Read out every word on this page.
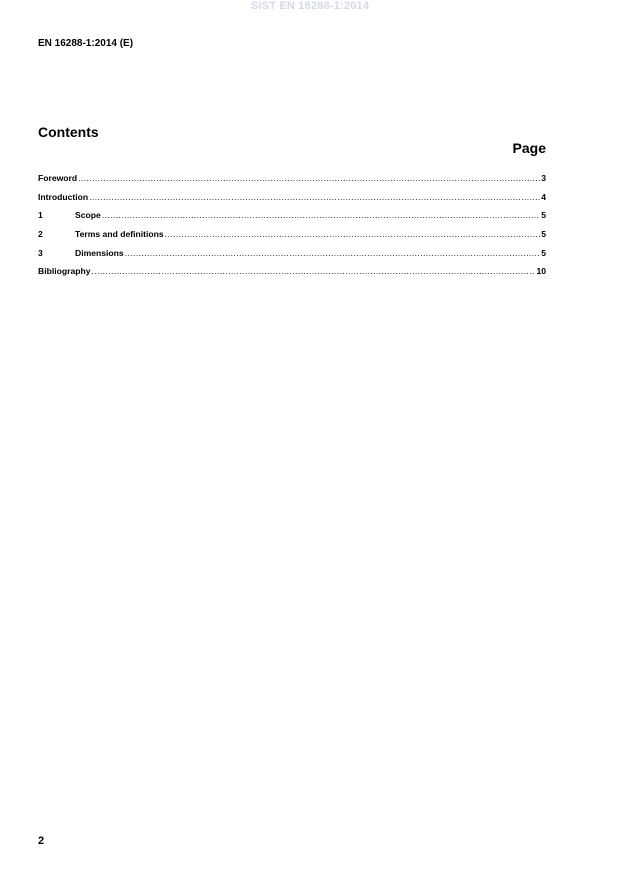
SIST EN 16288-1:2014
EN 16288-1:2014 (E)
Contents
Page
Foreword .....	3
Introduction .....	4
1	Scope .....	5
2	Terms and definitions .....	5
3	Dimensions .....	5
Bibliography .....	10
2
